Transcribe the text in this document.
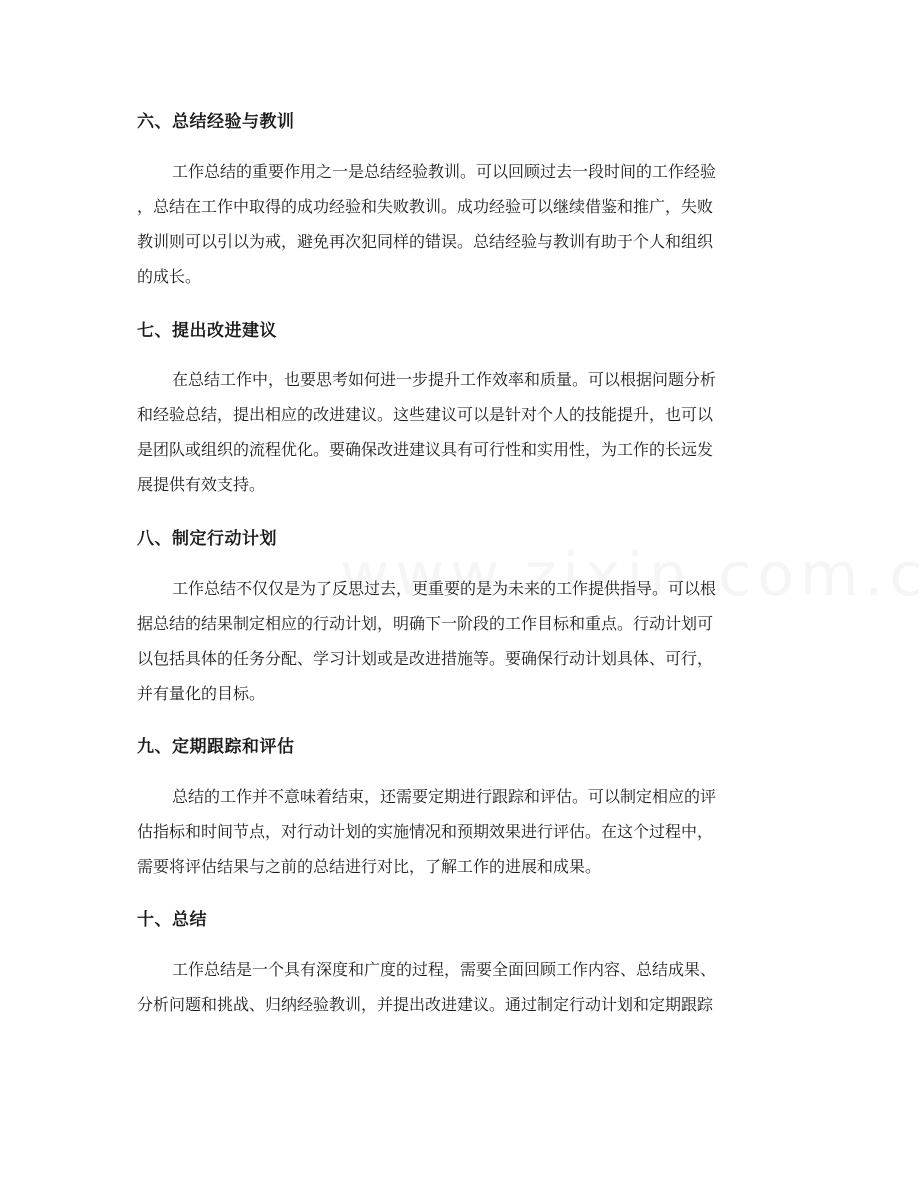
六、总结经验与教训
工作总结的重要作用之一是总结经验教训。可以回顾过去一段时间的工作经验
，总结在工作中取得的成功经验和失败教训。成功经验可以继续借鉴和推广，失败
教训则可以引以为戒，避免再次犯同样的错误。总结经验与教训有助于个人和组织
的成长。
七、提出改进建议
在总结工作中，也要思考如何进一步提升工作效率和质量。可以根据问题分析
和经验总结，提出相应的改进建议。这些建议可以是针对个人的技能提升，也可以
是团队或组织的流程优化。要确保改进建议具有可行性和实用性，为工作的长远发
展提供有效支持。
八、制定行动计划
工作总结不仅仅是为了反思过去，更重要的是为未来的工作提供指导。可以根
据总结的结果制定相应的行动计划，明确下一阶段的工作目标和重点。行动计划可
以包括具体的任务分配、学习计划或是改进措施等。要确保行动计划具体、可行，
并有量化的目标。
九、定期跟踪和评估
总结的工作并不意味着结束，还需要定期进行跟踪和评估。可以制定相应的评
估指标和时间节点，对行动计划的实施情况和预期效果进行评估。在这个过程中，
需要将评估结果与之前的总结进行对比，了解工作的进展和成果。
十、总结
工作总结是一个具有深度和广度的过程，需要全面回顾工作内容、总结成果、
分析问题和挑战、归纳经验教训，并提出改进建议。通过制定行动计划和定期跟踪
